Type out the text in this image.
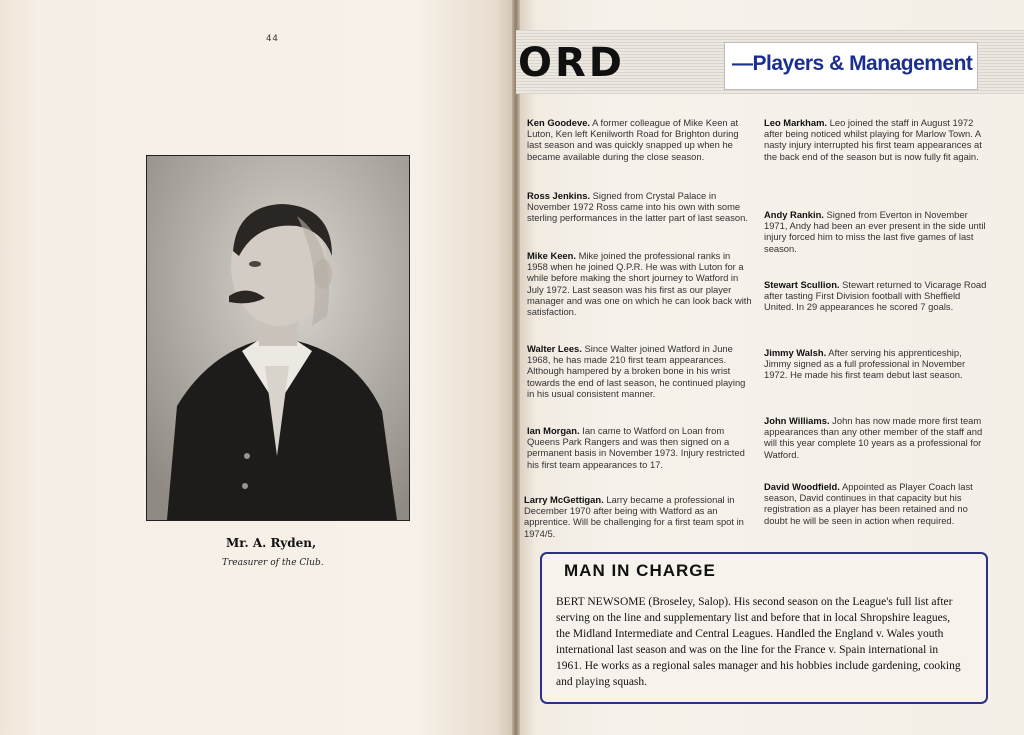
44
Mr. A. Ryden,
Treasurer of the Club.
ORD	—Players & Management
Ken Goodeve. A former colleague of Mike Keen at Luton, Ken left Kenilworth Road for Brighton during last season and was quickly snapped up when he became available during the close season.
Ross Jenkins. Signed from Crystal Palace in November 1972 Ross came into his own with some sterling performances in the latter part of last season.
Mike Keen. Mike joined the professional ranks in 1958 when he joined Q.P.R. He was with Luton for a while before making the short journey to Watford in July 1972. Last season was his first as our player manager and was one on which he can look back with satisfaction.
Walter Lees. Since Walter joined Watford in June 1968, he has made 210 first team appearances. Although hampered by a broken bone in his wrist towards the end of last season, he continued playing in his usual consistent manner.
Ian Morgan. Ian came to Watford on Loan from Queens Park Rangers and was then signed on a permanent basis in November 1973. Injury restricted his first team appearances to 17.
Larry McGettigan. Larry became a professional in December 1970 after being with Watford as an apprentice. Will be challenging for a first team spot in 1974/5.
Leo Markham. Leo joined the staff in August 1972 after being noticed whilst playing for Marlow Town. A nasty injury interrupted his first team appearances at the back end of the season but is now fully fit again.
Andy Rankin. Signed from Everton in November 1971, Andy had been an ever present in the side until injury forced him to miss the last five games of last season.
Stewart Scullion. Stewart returned to Vicarage Road after tasting First Division football with Sheffield United. In 29 appearances he scored 7 goals.
Jimmy Walsh. After serving his apprenticeship, Jimmy signed as a full professional in November 1972. He made his first team debut last season.
John Williams. John has now made more first team appearances than any other member of the staff and will this year complete 10 years as a professional for Watford.
David Woodfield. Appointed as Player Coach last season, David continues in that capacity but his registration as a player has been retained and no doubt he will be seen in action when required.
MAN IN CHARGE
BERT NEWSOME (Broseley, Salop). His second season on the League's full list after serving on the line and supplementary list and before that in local Shropshire leagues, the Midland Intermediate and Central Leagues. Handled the England v. Wales youth international last season and was on the line for the France v. Spain international in 1961. He works as a regional sales manager and his hobbies include gardening, cooking and playing squash.
